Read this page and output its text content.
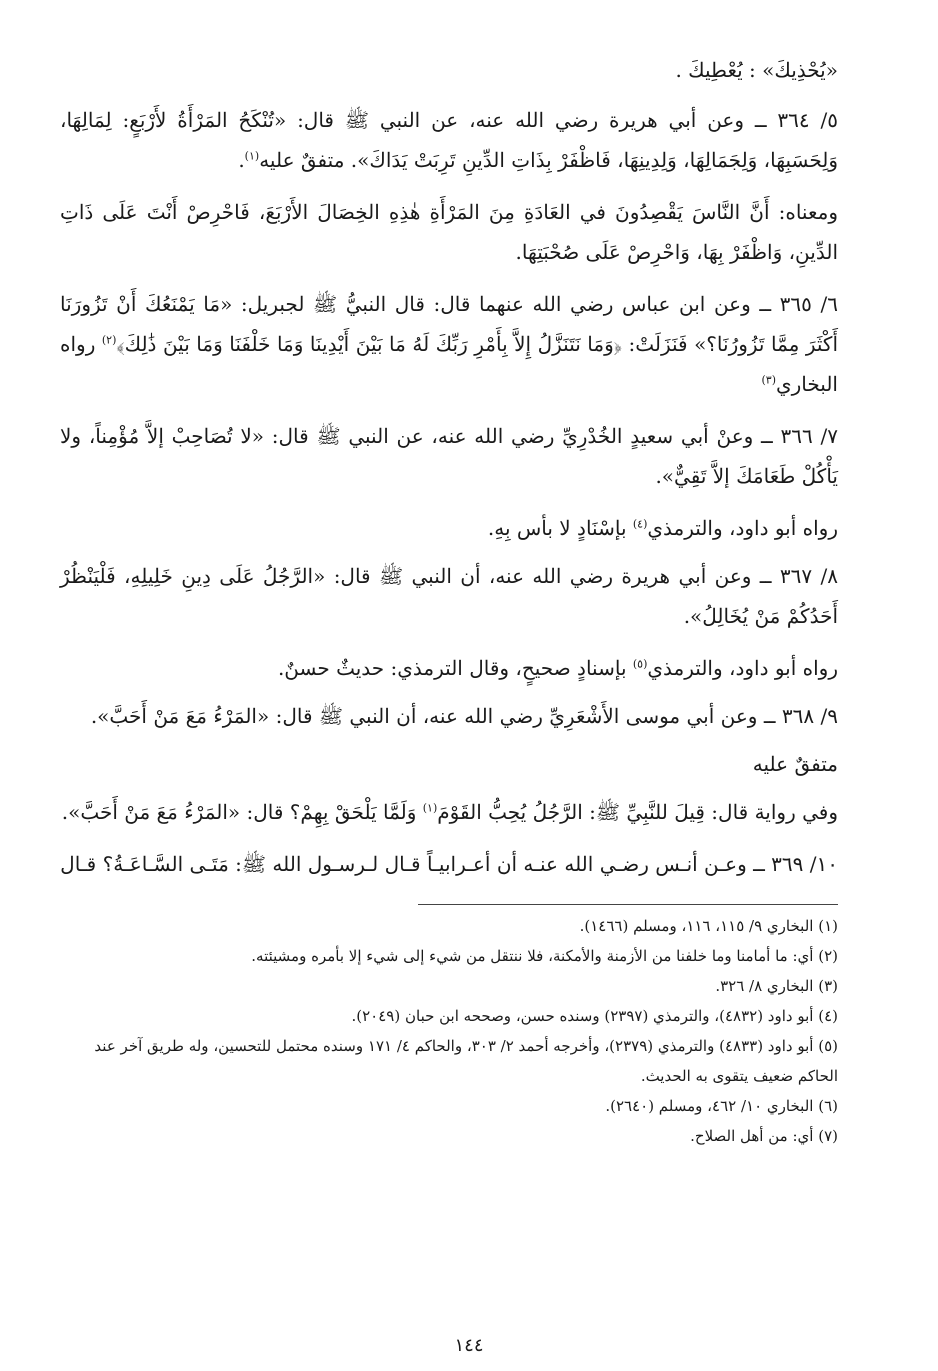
«يُحْذِيكَ» : يُعْطِيكَ .

٥/ ٣٦٤ ــ وعن أبي هريرة رضي الله عنه، عن النبي ﷺ قال: «تُنْكَحُ المَرْأَةُ لأَرْبَعٍ: لِمَالِهَا، وَلِحَسَبِهَا، وَلِجَمَالِهَا، وَلِدِينِهَا، فَاظْفَرْ بِذَاتِ الدِّينِ تَرِبَتْ يَدَاكَ». متفقٌ عليه$^{(١)}$.

ومعناه: أَنَّ النَّاسَ يَقْصِدُونَ في العَادَةِ مِنَ المَرْأَةِ هٰذِهِ الخِصَالَ الأَرْبَعَ، فَاحْرِصْ أَنْتَ عَلَى ذَاتِ الدِّينِ، وَاظْفَرْ بِهَا، وَاحْرِصْ عَلَى صُحْبَتِهَا.

٦/ ٣٦٥ ــ وعن ابن عباس رضي الله عنهما قال: قال النبيُّ ﷺ لجبريل: «مَا يَمْنَعُكَ أَنْ تَزُورَنَا أَكْثَرَ مِمَّا تَزُورُنَا؟» فَنَزَلَتْ: ﴿وَمَا نَتَنَزَّلُ إِلاَّ بِأَمْرِ رَبِّكَ لَهُ مَا بَيْنَ أَيْدِينَا وَمَا خَلْفَنَا وَمَا بَيْنَ ذَٰلِكَ﴾$^{(٢)}$ رواه البخاري$^{(٣)}$

٧/ ٣٦٦ ــ وعنْ أبي سعيدٍ الخُدْرِيِّ رضي الله عنه، عن النبي ﷺ قال: «لا تُصَاحِبْ إلاَّ مُؤْمِناً، ولا يَأْكُلْ طَعَامَكَ إلاَّ تَقِيٌّ».

رواه أبو داود، والترمذي$^{(٤)}$ بإسْنَادٍ لا بأس بِهِ.

٨/ ٣٦٧ ــ وعن أبي هريرة رضي الله عنه، أن النبي ﷺ قال: «الرَّجُلُ عَلَى دِينِ خَلِيلِهِ، فَلْيَنْظُرْ أَحَدُكُمْ مَنْ يُخَالِلُ».

رواه أبو داود، والترمذي$^{(٥)}$ بإسنادٍ صحيحٍ، وقال الترمذي: حديثٌ حسنٌ.

٩/ ٣٦٨ ــ وعن أبي موسى الأَشْعَرِيِّ رضي الله عنه، أن النبي ﷺ قال: «المَرْءُ مَعَ مَنْ أَحَبَّ».

متفقٌ عليه

وفي رواية قال: قِيلَ للنَّبِيِّ ﷺ: الرَّجُلُ يُحِبُّ القَوْمَ$^{(١)}$ وَلَمَّا يَلْحَقْ بِهِمْ؟ قال: «المَرْءُ مَعَ مَنْ أَحَبَّ».

١٠/ ٣٦٩ ــ وعـن أنـس رضـي الله عنـه أن أعـرابيـاً قـال لـرسـول الله ﷺ: مَتَـى السَّـاعَـةُ؟ قـال

(١) البخاري ٩/ ١١٥، ١١٦، ومسلم (١٤٦٦).

(٢) أي: ما أمامنا وما خلفنا من الأزمنة والأمكنة، فلا ننتقل من شيء إلى شيء إلا بأمره ومشيئته.

(٣) البخاري ٨/ ٣٢٦.

(٤) أبو داود (٤٨٣٢)، والترمذي (٢٣٩٧) وسنده حسن، وصححه ابن حبان (٢٠٤٩).

(٥) أبو داود (٤٨٣٣) والترمذي (٢٣٧٩)، وأخرجه أحمد ٢/ ٣٠٣، والحاكم ٤/ ١٧١ وسنده محتمل للتحسين، وله طريق آخر عند الحاكم ضعيف يتقوى به الحديث.

(٦) البخاري ١٠/ ٤٦٢، ومسلم (٢٦٤٠).

(٧) أي: من أهل الصلاح.

١٤٤
